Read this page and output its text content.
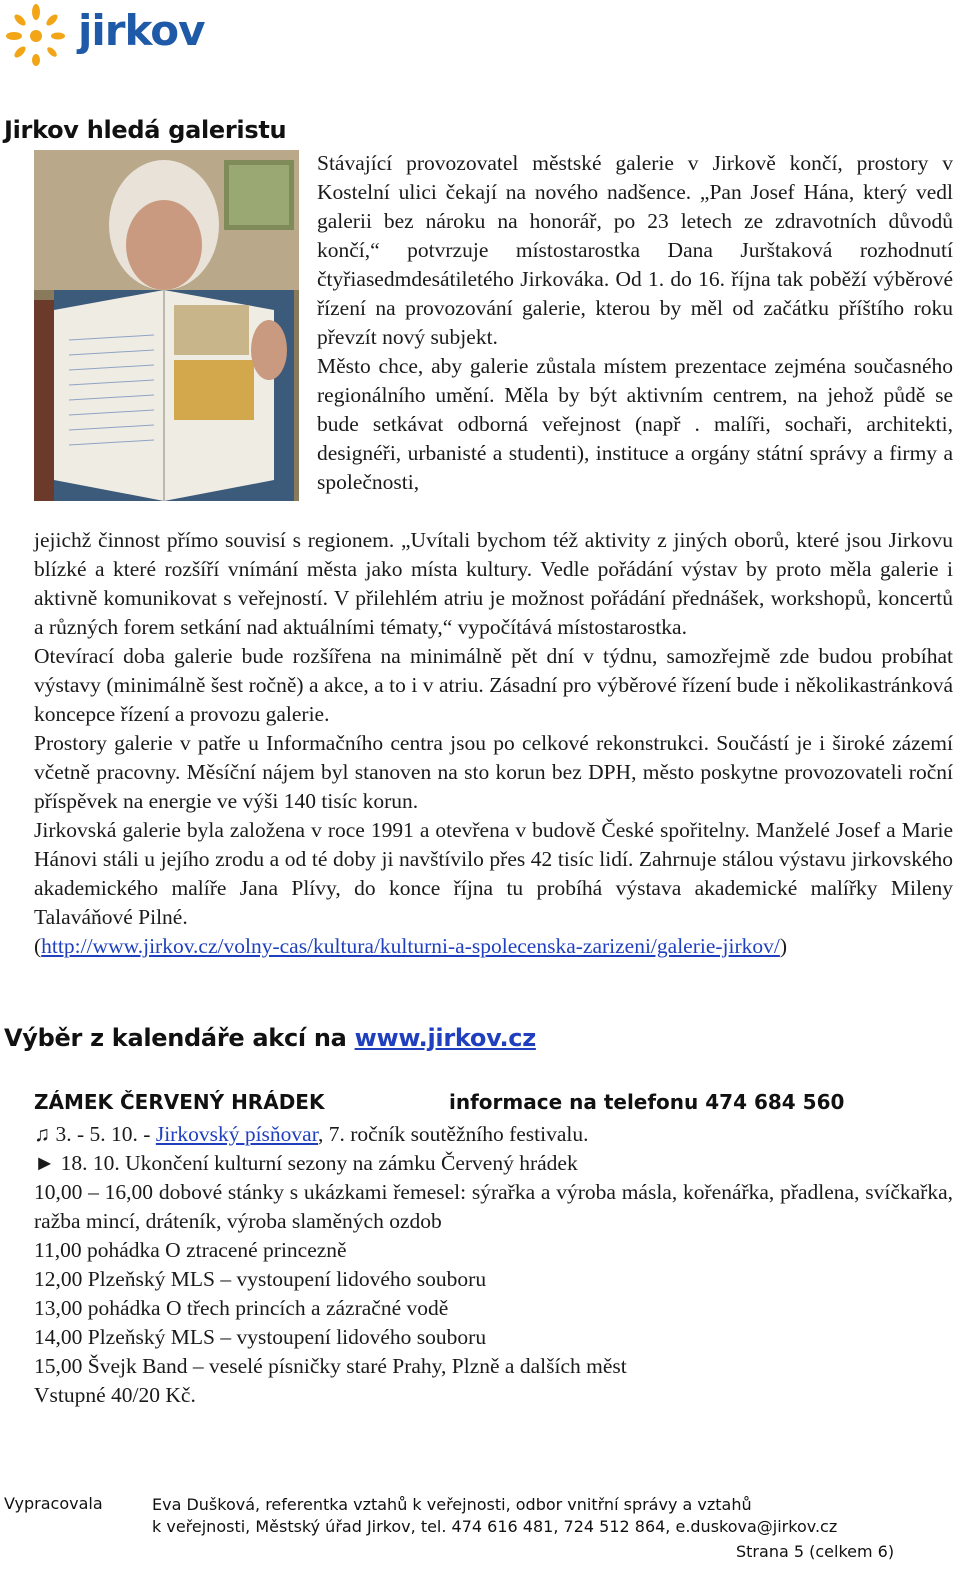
jirkov
Jirkov hledá galeristu

Stávající provozovatel městské galerie v Jirkově končí, prostory v Kostelní ulici čekají na nového nadšence. „Pan Josef Hána, který vedl galerii bez nároku na honorář, po 23 letech ze zdravotních důvodů končí,“ potvrzuje místostarostka Dana Jurštaková rozhodnutí čtyřiasedmdesátiletého Jirkováka. Od 1. do 16. října tak poběží výběrové řízení na provozování galerie, kterou by měl od začátku příštího roku převzít nový subjekt.

Město chce, aby galerie zůstala místem prezentace zejména současného regionálního umění. Měla by být aktivním centrem, na jehož půdě se bude setkávat odborná veřejnost (např . malíři, sochaři, architekti, designéři, urbanisté a studenti), instituce a orgány státní správy a firmy a společnosti,

jejichž činnost přímo souvisí s regionem. „Uvítali bychom též aktivity z jiných oborů, které jsou Jirkovu blízké a které rozšíří vnímání města jako místa kultury. Vedle pořádání výstav by proto měla galerie i aktivně komunikovat s veřejností. V přilehlém atriu je možnost pořádání přednášek, workshopů, koncertů a různých forem setkání nad aktuálními tématy,“ vypočítává místostarostka.

Otevírací doba galerie bude rozšířena na minimálně pět dní v týdnu, samozřejmě zde budou probíhat výstavy (minimálně šest ročně) a akce, a to i v atriu. Zásadní pro výběrové řízení bude i několikastránková koncepce řízení a provozu galerie.

Prostory galerie v patře u Informačního centra jsou po celkové rekonstrukci. Součástí je i široké zázemí včetně pracovny. Měsíční nájem byl stanoven na sto korun bez DPH, město poskytne provozovateli roční příspěvek na energie ve výši 140 tisíc korun.

Jirkovská galerie byla založena v roce 1991 a otevřena v budově České spořitelny. Manželé Josef a Marie Hánovi stáli u jejího zrodu a od té doby ji navštívilo přes 42 tisíc lidí. Zahrnuje stálou výstavu jirkovského akademického malíře Jana Plívy, do konce října tu probíhá výstava akademické malířky Mileny Talaváňové Pilné.

(http://www.jirkov.cz/volny-cas/kultura/kulturni-a-spolecenska-zarizeni/galerie-jirkov/)

Výběr z kalendáře akcí na www.jirkov.cz
ZÁMEK ČERVENÝ HRÁDEK	informace na telefonu 474 684 560
♫ 3. - 5. 10. - Jirkovský písňovar, 7. ročník soutěžního festivalu.
► 18. 10. Ukončení kulturní sezony na zámku Červený hrádek
10,00 – 16,00 dobové stánky s ukázkami řemesel: sýrařka a výroba másla, kořenářka, přadlena, svíčkařka, ražba mincí, dráteník, výroba slaměných ozdob
11,00 pohádka O ztracené princezně
12,00 Plzeňský MLS – vystoupení lidového souboru
13,00 pohádka O třech princích a zázračné vodě
14,00 Plzeňský MLS – vystoupení lidového souboru
15,00 Švejk Band – veselé písničky staré Prahy, Plzně a dalších měst
Vstupné 40/20 Kč.
Vypracovala	Eva Dušková, referentka vztahů k veřejnosti, odbor vnitřní správy a vztahů
k veřejnosti, Městský úřad Jirkov, tel. 474 616 481, 724 512 864, e.duskova@jirkov.cz
Strana 5 (celkem 6)
